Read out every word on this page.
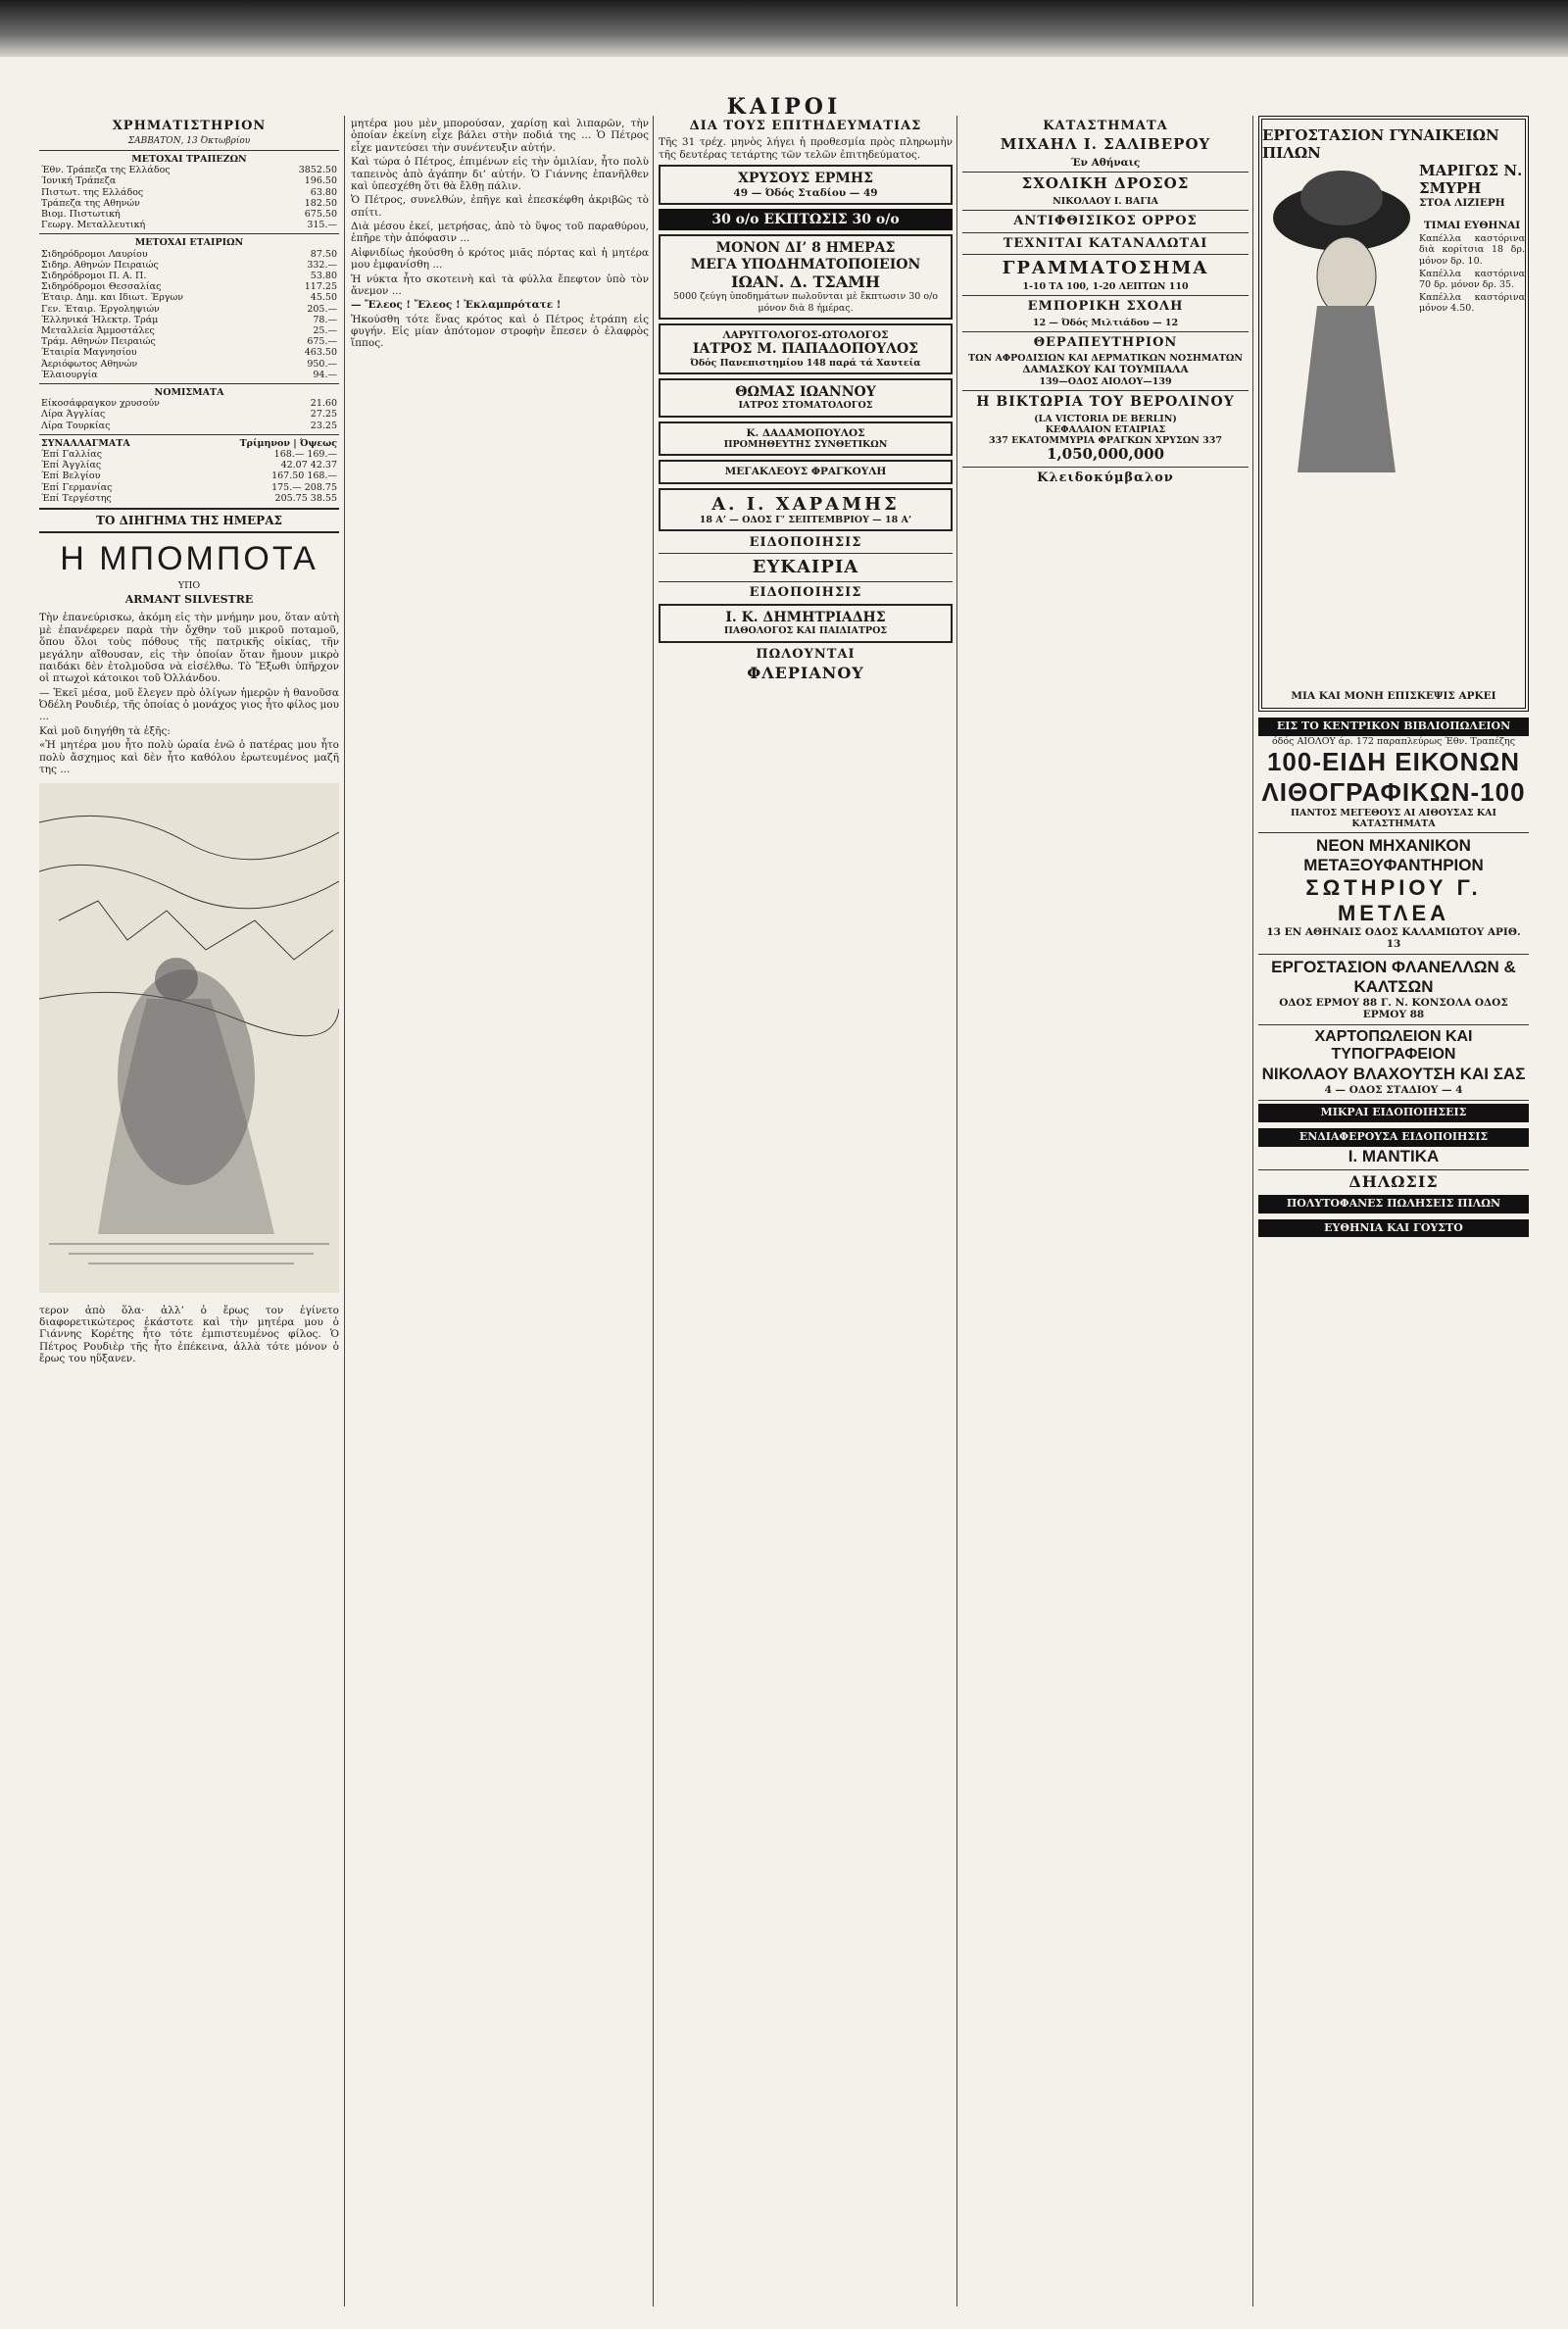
ΚΑΙΡΟΙ
ΧΡΗΜΑΤΙΣΤΗΡΙΟΝ
ΣΑΒΒΑΤΟΝ, 13 Όκτωβρίου
ΜΕΤΟΧΑΙ ΤΡΑΠΕΖΩΝ
Έθν. Τράπεζα της Ελλάδος	3852.50
Ίονική Τράπεζα	196.50
Πιστωτ. της Ελλάδος	63.80
Τράπεζα της Αθηνών	182.50
Βιομ. Πιστωτική	675.50
Γεωργ. Μεταλλευτική	315.—
ΜΕΤΟΧΑΙ ΕΤΑΙΡΙΩΝ
Σιδηρόδρομοι Λαυρίου	87.50
Σιδηρ. Αθηνών Πειραιώς	332.—
Σιδηρόδρομοι Π. Α. Π.	53.80
Σιδηρόδρομοι Θεσσαλίας	117.25
Έταιρ. Δημ. και Ιδιωτ. Έργων	45.50
Γεν. Έταιρ. Έργοληψιών	205.—
Έλληνικά Ήλεκτρ. Τράμ	78.—
Μεταλλεία Άμμοστάλες	25.—
Τράμ. Αθηνών Πειραιώς	675.—
Έταιρία Μαγνησίου	463.50
Άεριόφωτος Αθηνών	950.—
Έλαιουργία	94.—
ΝΟΜΙΣΜΑΤΑ
Είκοσάφραγκον χρυσούν	21.60
Λίρα Άγγλίας	27.25
Λίρα Τουρκίας	23.25
ΣΥΝΑΛΛΑΓΜΑΤΑ	Τρίμηνον | Όψεως
Έπί Γαλλίας	168.— 169.—
Έπί Άγγλίας	42.07 42.37
Έπί Βελγίου	167.50 168.—
Έπί Γερμανίας	175.— 208.75
Έπί Τεργέστης	205.75 38.55
ΤΟ ΔΙΗΓΗΜΑ ΤΗΣ ΗΜΕΡΑΣ
Η ΜΠΟΜΠΟΤΑ
ΥΠΟ
ARMANT SILVESTRE

Τὴν ἐπανεύρισκω, ἀκόμη εἰς τὴν μνήμην μου, ὅταν αὐτὴ μὲ ἐπανέφερεν παρὰ τὴν ὄχθην τοῦ μικροῦ ποταμοῦ, ὅπου ὅλοι τοὺς πόθους τῆς πατρικῆς οἰκίας, τῆν μεγάλην αἴθουσαν, εἰς τὴν ὁποίαν ὅταν ἤμουν μικρὸ παιδάκι δὲν ἐτολμοῦσα νὰ εἰσέλθω. Τὸ Ἔξωθι ὑπῆρχον οἱ πτωχοὶ κάτοικοι τοῦ Ὀλλάνδου.

— Ἐκεῖ μέσα, μοῦ ἔλεγεν πρὸ ὀλίγων ἡμερῶν ἡ θανοῦσα Ὀδέλη Ρουδιέρ, τῆς ὁποίας ὁ μονάχος γιος ἦτο φίλος μου ...

Καὶ μοῦ διηγήθη τὰ ἑξῆς:

«Ἡ μητέρα μου ἦτο πολὺ ὡραία ἐνῶ ὁ πατέρας μου ἦτο πολὺ ἄσχημος καὶ δὲν ἦτο καθόλου ἐρωτευμένος μαζῆ της ...

τερον ἀπὸ ὅλα· ἀλλ’ ὁ ἔρως τον ἐγίνετο διαφορετικώτερος ἑκάστοτε καὶ τὴν μητέρα μου ὁ Γιάννης Κορέτης ἦτο τότε ἐμπιστευμένος φίλος. Ὁ Πέτρος Ρουδιὲρ τῆς ἦτο ἐπέκεινα, ἀλλὰ τότε μόνον ὁ ἔρως του ηὕξανεν.

μητέρα μου μὲν μπορούσαν, χαρίσῃ καὶ λιπαρῶν, τὴν ὁποίαν ἐκείνη εἶχε βάλει στὴν ποδιά της ... Ὁ Πέτρος εἶχε μαντεύσει τὴν συνέντευξιν αὐτήν.

Καὶ τώρα ὁ Πέτρος, ἐπιμένων εἰς τὴν ὁμιλίαν, ἦτο πολὺ ταπεινὸς ἀπὸ ἀγάπην δι’ αὐτήν. Ὁ Γιάννης ἐπανῆλθεν καὶ ὑπεσχέθη ὅτι θὰ ἔλθῃ πάλιν.

Ὁ Πέτρος, συνελθών, ἐπῆγε καὶ ἐπεσκέφθη ἀκριβῶς τὸ σπίτι.

Διὰ μέσου ἐκεί, μετρήσας, ἀπὸ τὸ ὕψος τοῦ παραθύρου, ἐπῆρε τὴν ἀπόφασιν ...

Αἰφνιδίως ἠκούσθη ὁ κρότος μιᾶς πόρτας καὶ ἡ μητέρα μου ἐμφανίσθη ...

Ἡ νύκτα ἦτο σκοτεινὴ καὶ τὰ φύλλα ἔπεφτον ὑπὸ τὸν ἄνεμον ...

— Ἔλεος ! Ἔλεος ! Ἐκλαμπρότατε !

Ἠκούσθη τότε ἕνας κρότος καὶ ὁ Πέτρος ἐτράπη εἰς φυγήν. Εἰς μίαν ἀπότομον στροφὴν ἔπεσεν ὁ ἐλαφρὸς ἵππος.

ΔΙΑ ΤΟΥΣ ΕΠΙΤΗΔΕΥΜΑΤΙΑΣ

Τῆς 31 τρέχ. μηνὸς λήγει ἡ προθεσμία πρὸς πληρωμὴν τῆς δευτέρας τετάρτης τῶν τελῶν ἐπιτηδεύματος.

ΧΡΥΣΟΥΣ ΕΡΜΗΣ
49 — Όδός Σταδίου — 49
30 ο/ο ΕΚΠΤΩΣΙΣ 30 ο/ο
ΜΟΝΟΝ ΔΙ’ 8 ΗΜΕΡΑΣ
ΜΕΓΑ ΥΠΟΔΗΜΑΤΟΠΟΙΕΙΟΝ
ΙΩΑΝ. Δ. ΤΣΑΜΗ
5000 ζεύγη ὑποδημάτων πωλοῦνται μὲ ἔκπτωσιν 30 ο/ο μόνον διὰ 8 ἡμέρας.
ΛΑΡΥΓΓΟΛΟΓΟΣ-ΩΤΟΛΟΓΟΣ
ΙΑΤΡΟΣ Μ. ΠΑΠΑΔΟΠΟΥΛΟΣ
Όδός Πανεπιστημίου 148 παρά τά Χαυτεία
ΘΩΜΑΣ ΙΩΑΝΝΟΥ
ΙΑΤΡΟΣ ΣΤΟΜΑΤΟΛΟΓΟΣ
Κ. ΔΑΔΑΜΟΠΟΥΛΟΣ
ΠΡΟΜΗΘΕΥΤΗΣ ΣΥΝΘΕΤΙΚΩΝ
ΜΕΓΑΚΛΕΟΥΣ ΦΡΑΓΚΟΥΛΗ
Α. Ι. ΧΑΡΑΜΗΣ
18 Α’ — ΟΔΟΣ Γ’ ΣΕΠΤΕΜΒΡΙΟΥ — 18 Α’
ΕΙΔΟΠΟΙΗΣΙΣ
ΕΥΚΑΙΡΙΑ
ΕΙΔΟΠΟΙΗΣΙΣ
Ι. Κ. ΔΗΜΗΤΡΙΑΔΗΣ
ΠΑΘΟΛΟΓΟΣ ΚΑΙ ΠΑΙΔΙΑΤΡΟΣ
ΠΩΛΟΥΝΤΑΙ
ΦΛΕΡΙΑΝΟΥ
ΚΑΤΑΣΤΗΜΑΤΑ
ΜΙΧΑΗΛ Ι. ΣΑΛΙΒΕΡΟΥ
Έν Αθήναις
ΣΧΟΛΙΚΗ ΔΡΟΣΟΣ
ΝΙΚΟΛΑΟΥ Ι. ΒΑΓΙΑ
ΑΝΤΙΦΘΙΣΙΚΟΣ ΟΡΡΟΣ
ΤΕΧΝΙΤΑΙ ΚΑΤΑΝΑΛΩΤΑΙ
ΓΡΑΜΜΑΤΟΣΗΜΑ
1-10 ΤΑ 100, 1-20 ΛΕΠΤΩΝ 110
ΕΜΠΟΡΙΚΗ ΣΧΟΛΗ
12 — Όδός Μιλτιάδου — 12
ΘΕΡΑΠΕΥΤΗΡΙΟΝ
ΤΩΝ ΑΦΡΟΔΙΣΙΩΝ ΚΑΙ ΔΕΡΜΑΤΙΚΩΝ ΝΟΣΗΜΑΤΩΝ
ΔΑΜΑΣΚΟΥ ΚΑΙ ΤΟΥΜΠΑΛΑ
139—ΟΔΟΣ ΑΙΟΛΟΥ—139
Η ΒΙΚΤΩΡΙΑ ΤΟΥ ΒΕΡΟΛΙΝΟΥ
(LA VICTORIA DE BERLIN)
ΚΕΦΑΛΑΙΟΝ ΕΤΑΙΡΙΑΣ
337 ΕΚΑΤΟΜΜΥΡΙΑ ΦΡΑΓΚΩΝ ΧΡΥΣΩΝ 337
1,050,000,000
Κλειδοκύμβαλον
ΕΡΓΟΣΤΑΣΙΟΝ ΓΥΝΑΙΚΕΙΩΝ ΠΙΛΩΝ
ΜΑΡΙΓΩΣ Ν. ΣΜΥΡΗ
ΣΤΟΑ ΛΙΖΙΕΡΗ
ΤΙΜΑΙ ΕΥΘΗΝΑΙ
Καπέλλα καστόρινα διὰ κορίτσια 18 δρ. μόνον δρ. 10.
Καπέλλα καστόρινα 70 δρ. μόνον δρ. 35.
Καπέλλα καστόρινα μόνον 4.50.
ΜΙΑ ΚΑΙ ΜΟΝΗ ΕΠΙΣΚΕΨΙΣ ΑΡΚΕΙ
ΕΙΣ ΤΟ ΚΕΝΤΡΙΚΟΝ ΒΙΒΛΙΟΠΩΛΕΙΟΝ
όδός ΑΙΟΛΟΥ άρ. 172 παραπλεύρως Έθν. Τραπέζης
100-ΕΙΔΗ ΕΙΚΟΝΩΝ ΛΙΘΟΓΡΑΦΙΚΩΝ-100
ΠΑΝΤΟΣ ΜΕΓΕΘΟΥΣ ΑΙ ΑΙΘΟΥΣΑΣ ΚΑΙ ΚΑΤΑΣΤΗΜΑΤΑ
ΝΕΟΝ ΜΗΧΑΝΙΚΟΝ ΜΕΤΑΞΟΥΦΑΝΤΗΡΙΟΝ
ΣΩΤΗΡΙΟΥ Γ. ΜΕΤΛΕΑ
13 ΕΝ ΑΘΗΝΑΙΣ ΟΔΟΣ ΚΑΛΑΜΙΩΤΟΥ ΑΡΙΘ. 13
ΕΡΓΟΣΤΑΣΙΟΝ ΦΛΑΝΕΛΛΩΝ & ΚΑΛΤΣΩΝ
ΟΔΟΣ ΕΡΜΟΥ 88 Γ. Ν. ΚΟΝΣΟΛΑ ΟΔΟΣ ΕΡΜΟΥ 88
ΧΑΡΤΟΠΩΛΕΙΟΝ ΚΑΙ ΤΥΠΟΓΡΑΦΕΙΟΝ
ΝΙΚΟΛΑΟΥ ΒΛΑΧΟΥΤΣΗ ΚΑΙ ΣΑΣ
4 — ΟΔΟΣ ΣΤΑΔΙΟΥ — 4
ΜΙΚΡΑΙ ΕΙΔΟΠΟΙΗΣΕΙΣ
ΕΝΔΙΑΦΕΡΟΥΣΑ ΕΙΔΟΠΟΙΗΣΙΣ
Ι. ΜΑΝΤΙΚΑ
ΔΗΛΩΣΙΣ
ΠΟΛΥΤΟΦΑΝΕΣ ΠΩΛΗΣΕΙΣ ΠΙΛΩΝ
ΕΥΘΗΝΙΑ ΚΑΙ ΓΟΥΣΤΟ
